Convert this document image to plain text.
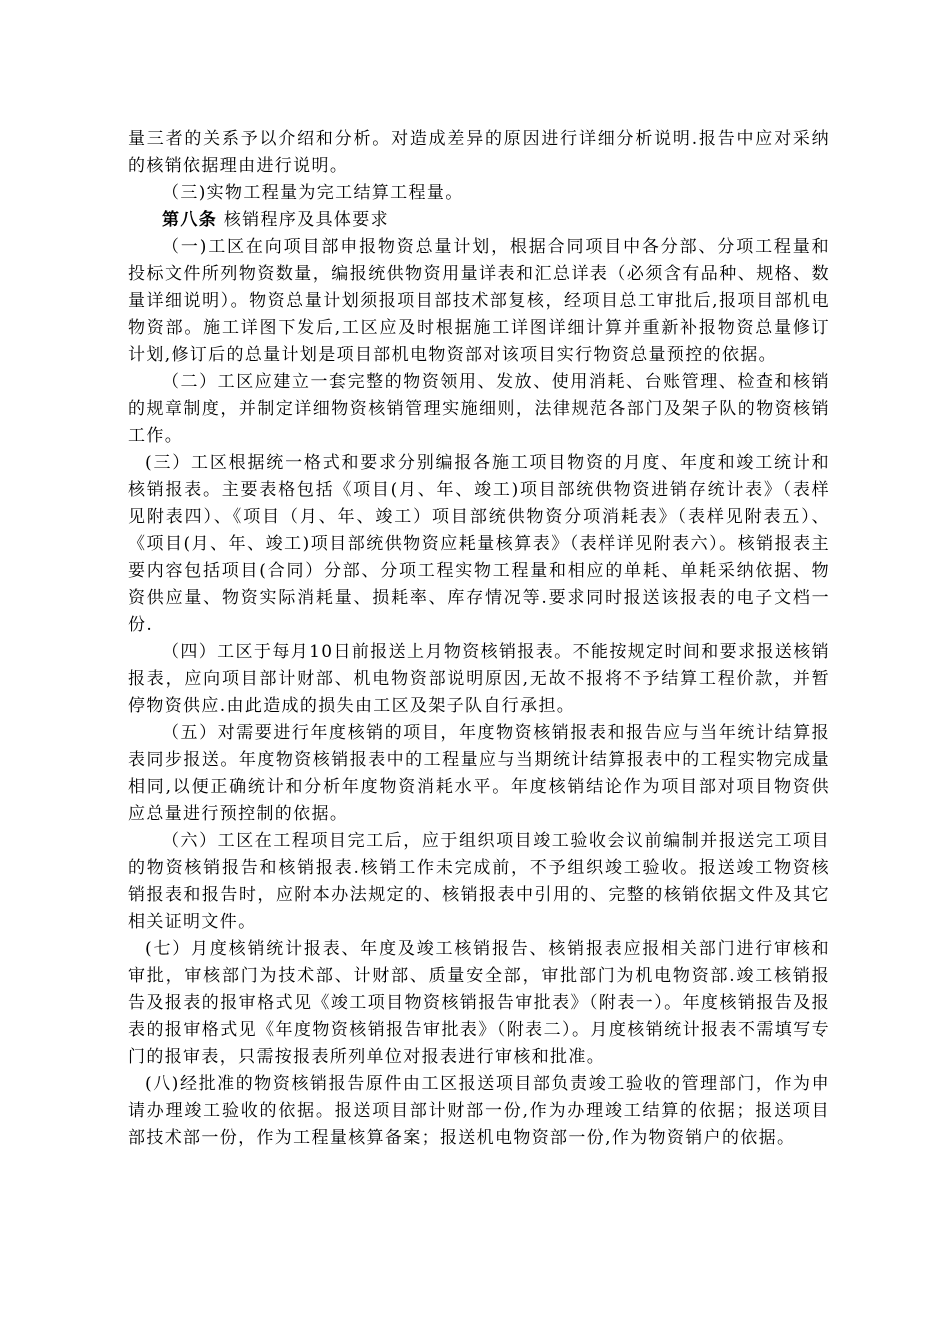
量三者的关系予以介绍和分析。对造成差异的原因进行详细分析说明.报告中应对采纳的核销依据理由进行说明。

（三)实物工程量为完工结算工程量。

第八条 核销程序及具体要求

（一)工区在向项目部申报物资总量计划，根据合同项目中各分部、分项工程量和投标文件所列物资数量，编报统供物资用量详表和汇总详表（必须含有品种、规格、数量详细说明）。物资总量计划须报项目部技术部复核，经项目总工审批后,报项目部机电物资部。施工详图下发后,工区应及时根据施工详图详细计算并重新补报物资总量修订计划,修订后的总量计划是项目部机电物资部对该项目实行物资总量预控的依据。

（二）工区应建立一套完整的物资领用、发放、使用消耗、台账管理、检查和核销的规章制度，并制定详细物资核销管理实施细则，法律规范各部门及架子队的物资核销工作。

(三）工区根据统一格式和要求分别编报各施工项目物资的月度、年度和竣工统计和核销报表。主要表格包括《项目(月、年、竣工)项目部统供物资进销存统计表》（表样见附表四）、《项目（月、年、竣工）项目部统供物资分项消耗表》（表样见附表五）、《项目(月、年、竣工)项目部统供物资应耗量核算表》（表样详见附表六）。核销报表主要内容包括项目(合同）分部、分项工程实物工程量和相应的单耗、单耗采纳依据、物资供应量、物资实际消耗量、损耗率、库存情况等.要求同时报送该报表的电子文档一份.

（四）工区于每月10日前报送上月物资核销报表。不能按规定时间和要求报送核销报表，应向项目部计财部、机电物资部说明原因,无故不报将不予结算工程价款，并暂停物资供应.由此造成的损失由工区及架子队自行承担。

（五）对需要进行年度核销的项目，年度物资核销报表和报告应与当年统计结算报表同步报送。年度物资核销报表中的工程量应与当期统计结算报表中的工程实物完成量相同,以便正确统计和分析年度物资消耗水平。年度核销结论作为项目部对项目物资供应总量进行预控制的依据。

（六）工区在工程项目完工后，应于组织项目竣工验收会议前编制并报送完工项目的物资核销报告和核销报表.核销工作未完成前，不予组织竣工验收。报送竣工物资核销报表和报告时，应附本办法规定的、核销报表中引用的、完整的核销依据文件及其它相关证明文件。

(七）月度核销统计报表、年度及竣工核销报告、核销报表应报相关部门进行审核和审批，审核部门为技术部、计财部、质量安全部，审批部门为机电物资部.竣工核销报告及报表的报审格式见《竣工项目物资核销报告审批表》（附表一）。年度核销报告及报表的报审格式见《年度物资核销报告审批表》（附表二）。月度核销统计报表不需填写专门的报审表，只需按报表所列单位对报表进行审核和批准。

(八)经批准的物资核销报告原件由工区报送项目部负责竣工验收的管理部门，作为申请办理竣工验收的依据。报送项目部计财部一份,作为办理竣工结算的依据；报送项目部技术部一份，作为工程量核算备案；报送机电物资部一份,作为物资销户的依据。
